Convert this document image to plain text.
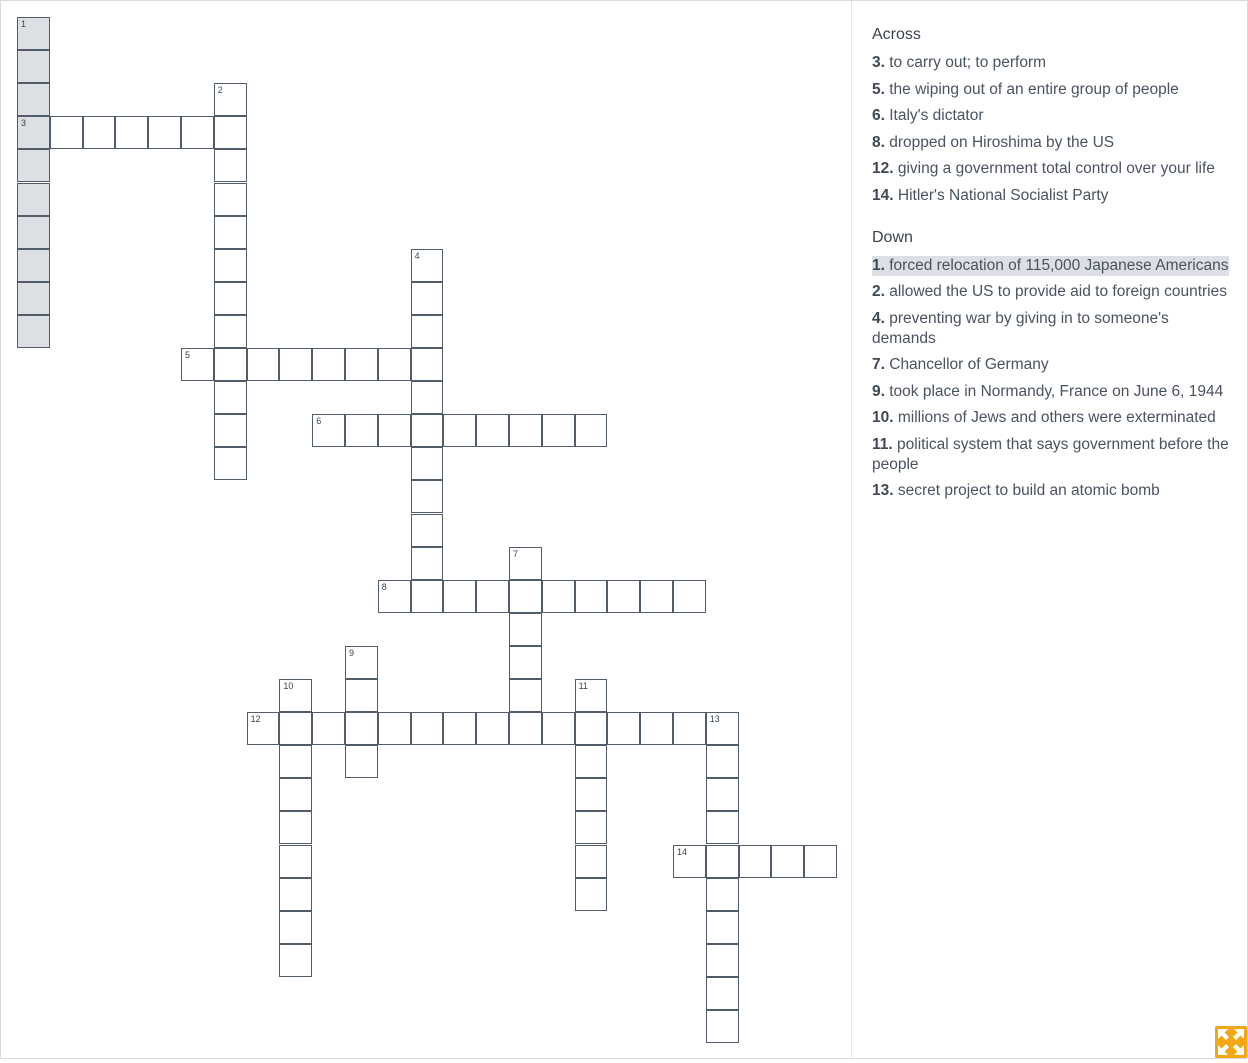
1
3
2
4
5
6
7
8
9
10	11
12	13
14
Across
3. to carry out; to perform
5. the wiping out of an entire group of people
6. Italy's dictator
8. dropped on Hiroshima by the US
12. giving a government total control over your life
14. Hitler's National Socialist Party
Down
1. forced relocation of 115,000 Japanese Americans
2. allowed the US to provide aid to foreign countries
4. preventing war by giving in to someone's demands
7. Chancellor of Germany
9. took place in Normandy, France on June 6, 1944
10. millions of Jews and others were exterminated
11. political system that says government before the people
13. secret project to build an atomic bomb
